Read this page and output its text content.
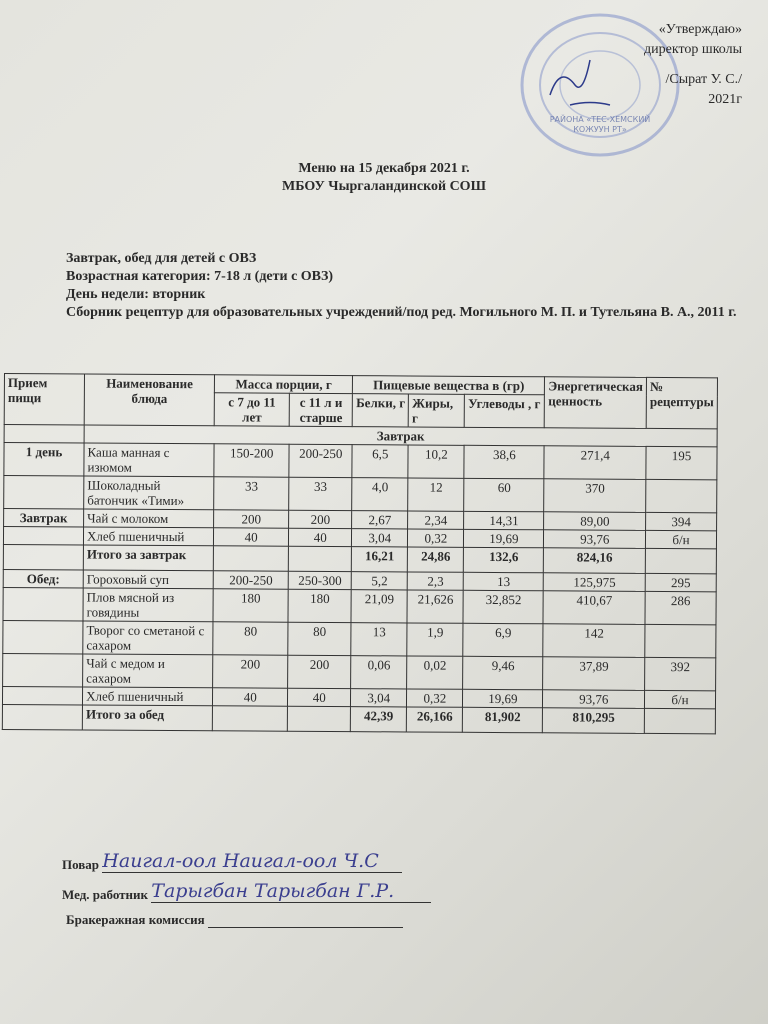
РАЙОНА «ТЕС-ХЕМСКИЙ
КОЖУУН РТ»
«Утверждаю»
директор школы
/Сырат У. С./
2021г
Меню на 15 декабря 2021 г.
МБОУ Чыргаландинской СОШ
Завтрак, обед для детей с ОВЗ
Возрастная категория: 7-18 л (дети с ОВЗ)
День недели: вторник
Сборник рецептур для образовательных учреждений/под ред. Могильного М. П. и Тутельяна В. А., 2011 г.
Прием пищи	Наименование блюда	Масса порции, г		Пищевые вещества в (гр)			Энергетическая ценность	№ рецептуры
		с 7 до 11 лет	с 11 л и старше	Белки, г	Жиры, г	Углеводы , г		
	Завтрак							
1 день	Каша манная с изюмом	150-200	200-250	6,5	10,2	38,6	271,4	195
	Шоколадный батончик «Тими»	33	33	4,0	12	60	370	
Завтрак	Чай с молоком	200	200	2,67	2,34	14,31	89,00	394
	Хлеб пшеничный	40	40	3,04	0,32	19,69	93,76	б/н
	Итого за завтрак			16,21	24,86	132,6	824,16	
Обед:	Гороховый суп	200-250	250-300	5,2	2,3	13	125,975	295
	Плов мясной из говядины	180	180	21,09	21,626	32,852	410,67	286
	Творог со сметаной с сахаром	80	80	13	1,9	6,9	142	
	Чай с медом и сахаром	200	200	0,06	0,02	9,46	37,89	392
	Хлеб пшеничный	40	40	3,04	0,32	19,69	93,76	б/н
	Итого за обед			42,39	26,166	81,902	810,295	
Повар Наигал-оол Наигал-оол Ч.С
Мед. работник Тарыгбан Тарыгбан Г.Р.
Бракеражная комиссия
